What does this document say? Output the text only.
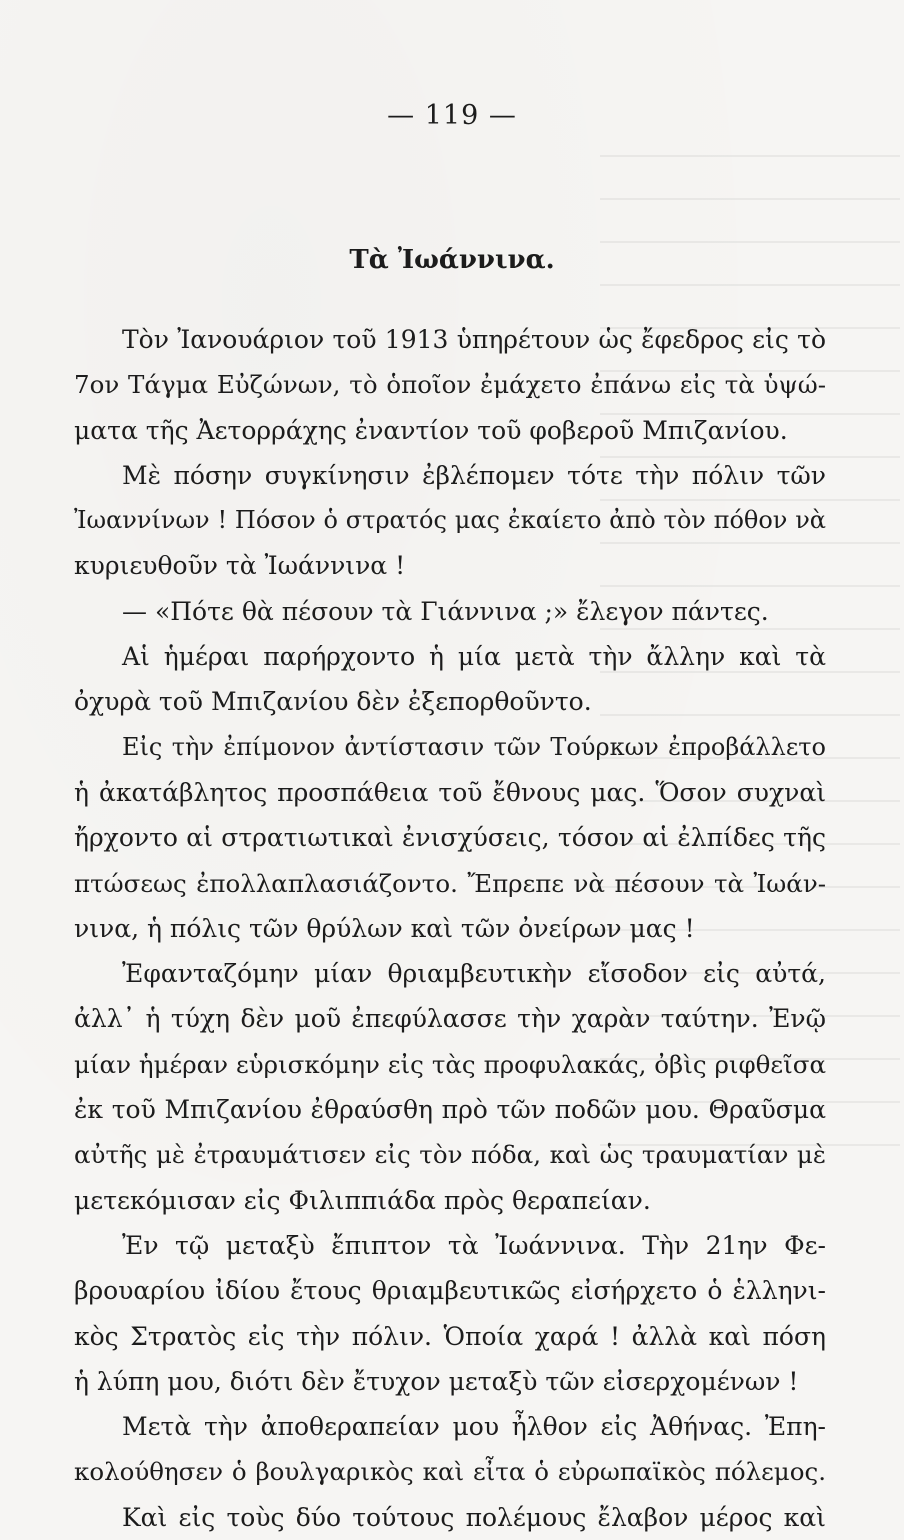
— 119 —
Τὰ Ἰωάννινα.
Τὸν Ἰανουάριον τοῦ 1913 ὑπηρέτουν ὡς ἔφεδρος εἰς τὸ
7ον Τάγμα Εὐζώνων, τὸ ὁποῖον ἐμάχετο ἐπάνω εἰς τὰ ὑψώ-
ματα τῆς Ἀετορράχης ἐναντίον τοῦ φοβεροῦ Μπιζανίου.
Μὲ πόσην συγκίνησιν ἐβλέπομεν τότε τὴν πόλιν τῶν
Ἰωαννίνων ! Πόσον ὁ στρατός μας ἐκαίετο ἀπὸ τὸν πόθον νὰ
κυριευθοῦν τὰ Ἰωάννινα !
— «Πότε θὰ πέσουν τὰ Γιάννινα ;» ἔλεγον πάντες.
Αἱ ἡμέραι παρήρχοντο ἡ μία μετὰ τὴν ἄλλην καὶ τὰ
ὀχυρὰ τοῦ Μπιζανίου δὲν ἐξεπορθοῦντο.
Εἰς τὴν ἐπίμονον ἀντίστασιν τῶν Τούρκων ἐπροβάλλετο
ἡ ἀκατάβλητος προσπάθεια τοῦ ἔθνους μας. Ὅσον συχναὶ
ἤρχοντο αἱ στρατιωτικαὶ ἐνισχύσεις, τόσον αἱ ἐλπίδες τῆς
πτώσεως ἐπολλαπλασιάζοντο. Ἔπρεπε νὰ πέσουν τὰ Ἰωάν-
νινα, ἡ πόλις τῶν θρύλων καὶ τῶν ὀνείρων μας !
Ἐφανταζόμην μίαν θριαμβευτικὴν εἴσοδον εἰς αὐτά,
ἀλλ᾽ ἡ τύχη δὲν μοῦ ἐπεφύλασσε τὴν χαρὰν ταύτην. Ἐνῷ
μίαν ἡμέραν εὑρισκόμην εἰς τὰς προφυλακάς, ὀβὶς ριφθεῖσα
ἐκ τοῦ Μπιζανίου ἐθραύσθη πρὸ τῶν ποδῶν μου. Θραῦσμα
αὐτῆς μὲ ἐτραυμάτισεν εἰς τὸν πόδα, καὶ ὡς τραυματίαν μὲ
μετεκόμισαν εἰς Φιλιππιάδα πρὸς θεραπείαν.
Ἐν τῷ μεταξὺ ἔπιπτον τὰ Ἰωάννινα. Τὴν 21ην Φε-
βρουαρίου ἰδίου ἔτους θριαμβευτικῶς εἰσήρχετο ὁ ἑλληνι-
κὸς Στρατὸς εἰς τὴν πόλιν. Ὁποία χαρά ! ἀλλὰ καὶ πόση
ἡ λύπη μου, διότι δὲν ἔτυχον μεταξὺ τῶν εἰσερχομένων !
Μετὰ τὴν ἀποθεραπείαν μου ἦλθον εἰς Ἀθήνας. Ἐπη-
κολούθησεν ὁ βουλγαρικὸς καὶ εἶτα ὁ εὐρωπαϊκὸς πόλεμος.
Καὶ εἰς τοὺς δύο τούτους πολέμους ἔλαβον μέρος καὶ
